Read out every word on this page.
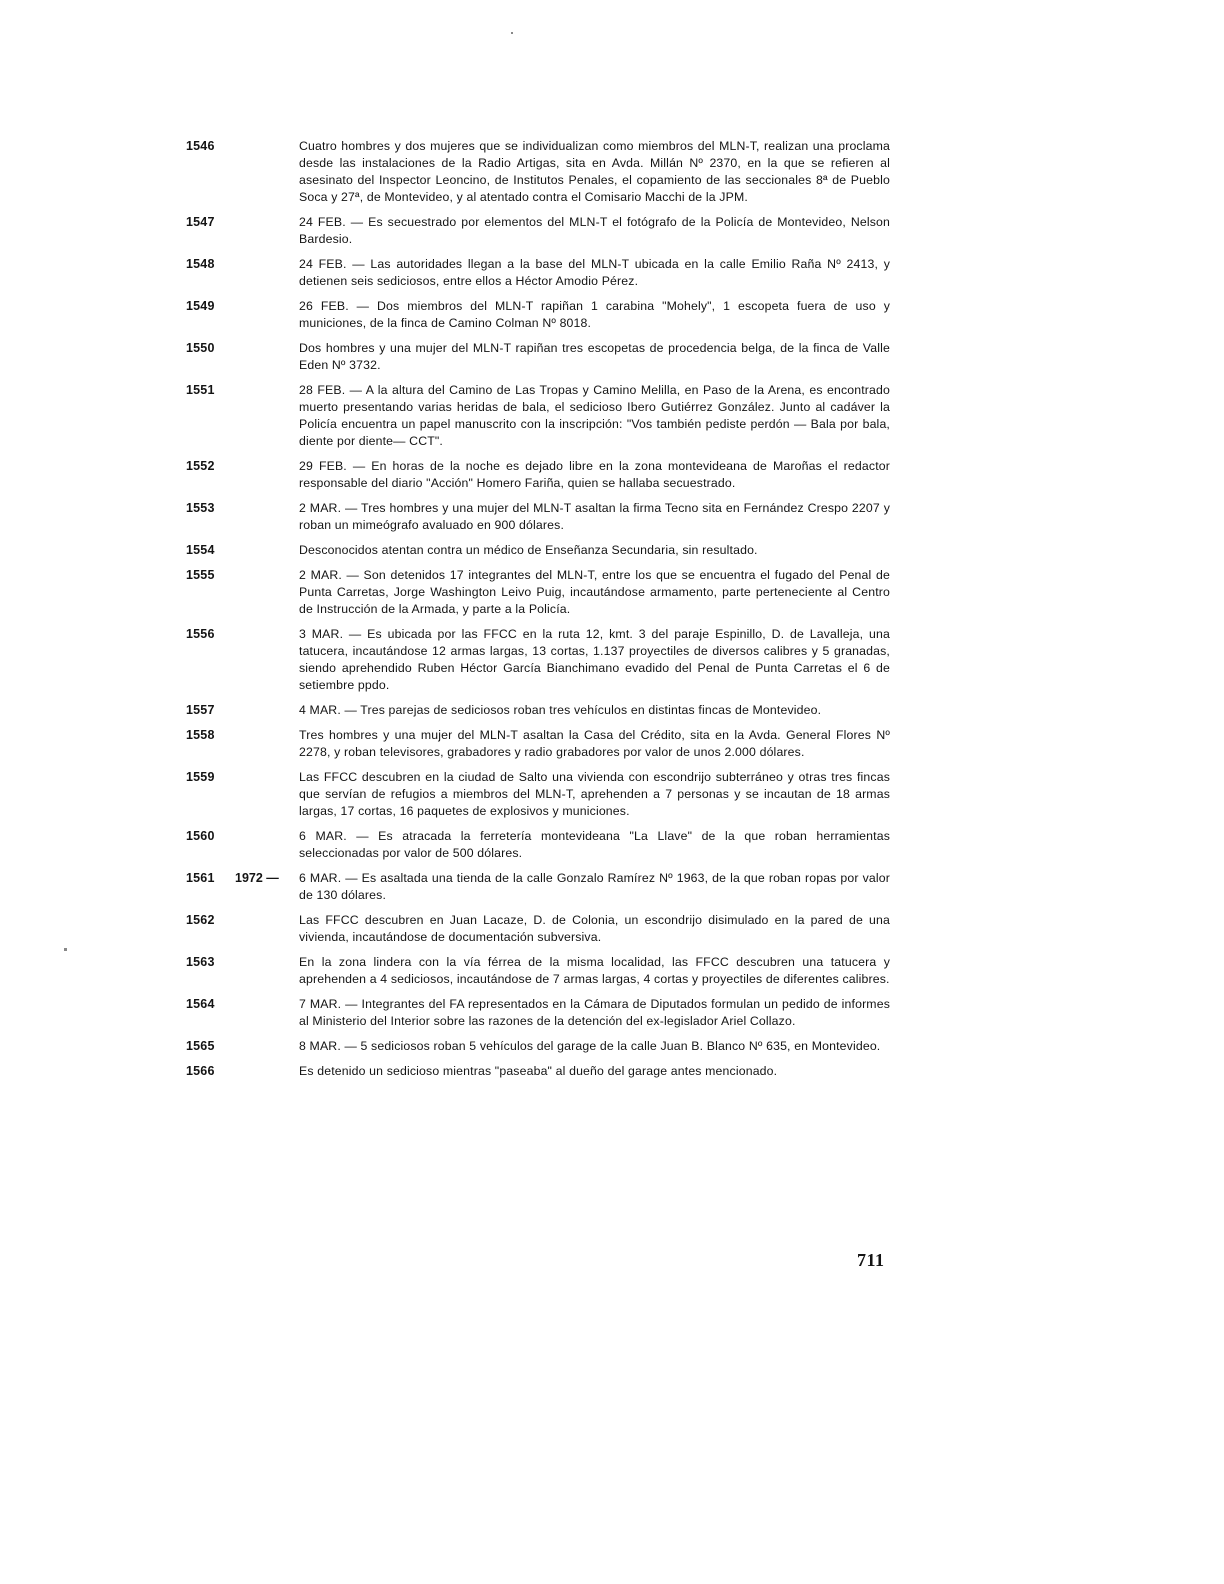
1546	Cuatro hombres y dos mujeres que se individualizan como miembros del MLN-T, realizan una proclama desde las instalaciones de la Radio Artigas, sita en Avda. Millán Nº 2370, en la que se refieren al asesinato del Inspector Leoncino, de Institutos Penales, el copamiento de las seccionales 8ª de Pueblo Soca y 27ª, de Montevideo, y al atentado contra el Comisario Macchi de la JPM.
1547	24 FEB. — Es secuestrado por elementos del MLN-T el fotógrafo de la Policía de Montevideo, Nelson Bardesio.
1548	24 FEB. — Las autoridades llegan a la base del MLN-T ubicada en la calle Emilio Raña Nº 2413, y detienen seis sediciosos, entre ellos a Héctor Amodio Pérez.
1549	26 FEB. — Dos miembros del MLN-T rapiñan 1 carabina "Mohely", 1 escopeta fuera de uso y municiones, de la finca de Camino Colman Nº 8018.
1550	Dos hombres y una mujer del MLN-T rapiñan tres escopetas de procedencia belga, de la finca de Valle Eden Nº 3732.
1551	28 FEB. — A la altura del Camino de Las Tropas y Camino Melilla, en Paso de la Arena, es encontrado muerto presentando varias heridas de bala, el sedicioso Ibero Gutiérrez González. Junto al cadáver la Policía encuentra un papel manuscrito con la inscripción: "Vos también pediste perdón — Bala por bala, diente por diente— CCT".
1552	29 FEB. — En horas de la noche es dejado libre en la zona montevideana de Maroñas el redactor responsable del diario "Acción" Homero Fariña, quien se hallaba secuestrado.
1553	2 MAR. — Tres hombres y una mujer del MLN-T asaltan la firma Tecno sita en Fernández Crespo 2207 y roban un mimeógrafo avaluado en 900 dólares.
1554	Desconocidos atentan contra un médico de Enseñanza Secundaria, sin resultado.
1555	2 MAR. — Son detenidos 17 integrantes del MLN-T, entre los que se encuentra el fugado del Penal de Punta Carretas, Jorge Washington Leivo Puig, incautándose armamento, parte perteneciente al Centro de Instrucción de la Armada, y parte a la Policía.
1556	3 MAR. — Es ubicada por las FFCC en la ruta 12, kmt. 3 del paraje Espinillo, D. de Lavalleja, una tatucera, incautándose 12 armas largas, 13 cortas, 1.137 proyectiles de diversos calibres y 5 granadas, siendo aprehendido Ruben Héctor García Bianchimano evadido del Penal de Punta Carretas el 6 de setiembre ppdo.
1557	4 MAR. — Tres parejas de sediciosos roban tres vehículos en distintas fincas de Montevideo.
1558	Tres hombres y una mujer del MLN-T asaltan la Casa del Crédito, sita en la Avda. General Flores Nº 2278, y roban televisores, grabadores y radio grabadores por valor de unos 2.000 dólares.
1559	Las FFCC descubren en la ciudad de Salto una vivienda con escondrijo subterráneo y otras tres fincas que servían de refugios a miembros del MLN-T, aprehenden a 7 personas y se incautan de 18 armas largas, 17 cortas, 16 paquetes de explosivos y municiones.
1560	6 MAR. — Es atracada la ferretería montevideana "La Llave" de la que roban herramientas seleccionadas por valor de 500 dólares.
1561	1972 —	6 MAR. — Es asaltada una tienda de la calle Gonzalo Ramírez Nº 1963, de la que roban ropas por valor de 130 dólares.
1562	Las FFCC descubren en Juan Lacaze, D. de Colonia, un escondrijo disimulado en la pared de una vivienda, incautándose de documentación subversiva.
1563	En la zona lindera con la vía férrea de la misma localidad, las FFCC descubren una tatucera y aprehenden a 4 sediciosos, incautándose de 7 armas largas, 4 cortas y proyectiles de diferentes calibres.
1564	7 MAR. — Integrantes del FA representados en la Cámara de Diputados formulan un pedido de informes al Ministerio del Interior sobre las razones de la detención del ex-legislador Ariel Collazo.
1565	8 MAR. — 5 sediciosos roban 5 vehículos del garage de la calle Juan B. Blanco Nº 635, en Montevideo.
1566	Es detenido un sedicioso mientras "paseaba" al dueño del garage antes mencionado.
711
